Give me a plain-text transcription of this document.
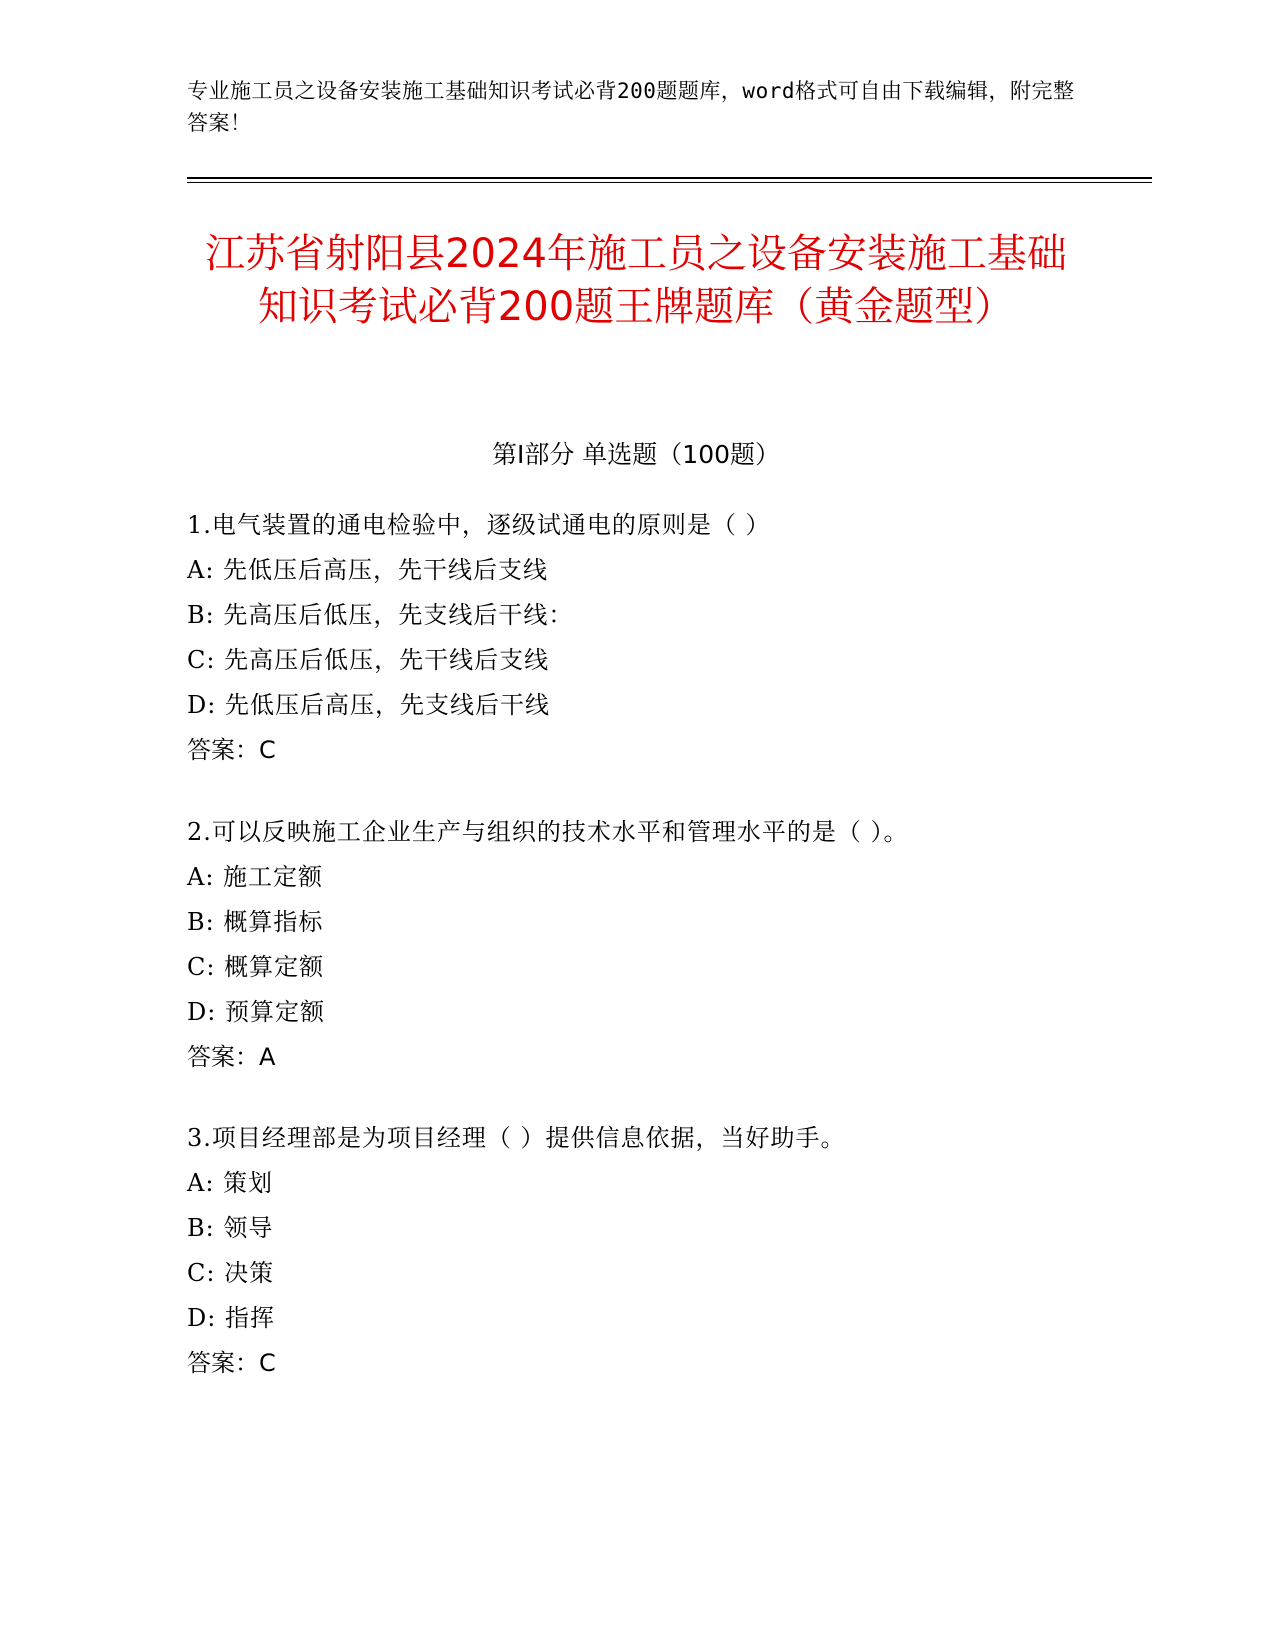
专业施工员之设备安装施工基础知识考试必背200题题库，word格式可自由下载编辑，附完整答案！
江苏省射阳县2024年施工员之设备安装施工基础知识考试必背200题王牌题库（黄金题型）
第Ⅰ部分 单选题（100题）
1.电气装置的通电检验中，逐级试通电的原则是（ ）
A: 先低压后高压，先干线后支线
B: 先高压后低压，先支线后干线：
C: 先高压后低压，先干线后支线
D: 先低压后高压，先支线后干线
答案：C
2.可以反映施工企业生产与组织的技术水平和管理水平的是（ ）。
A: 施工定额
B: 概算指标
C: 概算定额
D: 预算定额
答案：A
3.项目经理部是为项目经理（ ）提供信息依据，当好助手。
A: 策划
B: 领导
C: 决策
D: 指挥
答案：C
